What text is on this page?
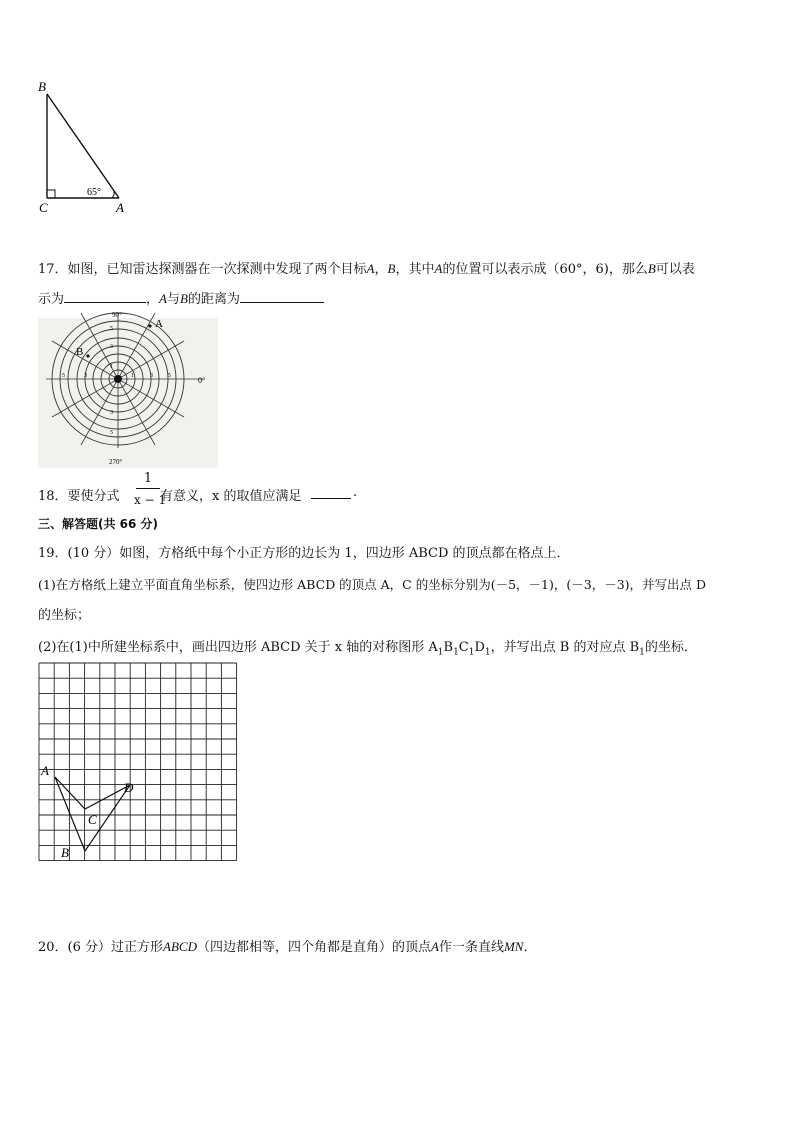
B
C	A
65°
17．如图，已知雷达探测器在一次探测中发现了两个目标A，B，其中A的位置可以表示成（60°，6)，那么B可以表
示为	，A与B的距离为
A
B
90°
0°
270°
5
3
1
1	3	5
3
5
3
5
18．要使分式
1
x − 1
有意义，x 的取值应满足	.
三、解答题(共 66 分)
19．(10 分）如图，方格纸中每个小正方形的边长为 1，四边形 ABCD 的顶点都在格点上．
(1)在方格纸上建立平面直角坐标系，使四边形 ABCD 的顶点 A，C 的坐标分别为(－5，－1)，(－3，－3)，并写出点 D
的坐标；
(2)在(1)中所建坐标系中，画出四边形 ABCD 关于 x 轴的对称图形 $A_1B_1C_1D_1$，并写出点 B 的对应点 $B_1$的坐标．
A
B
C
D
20．(6 分）过正方形ABCD（四边都相等，四个角都是直角）的顶点A作一条直线MN．
